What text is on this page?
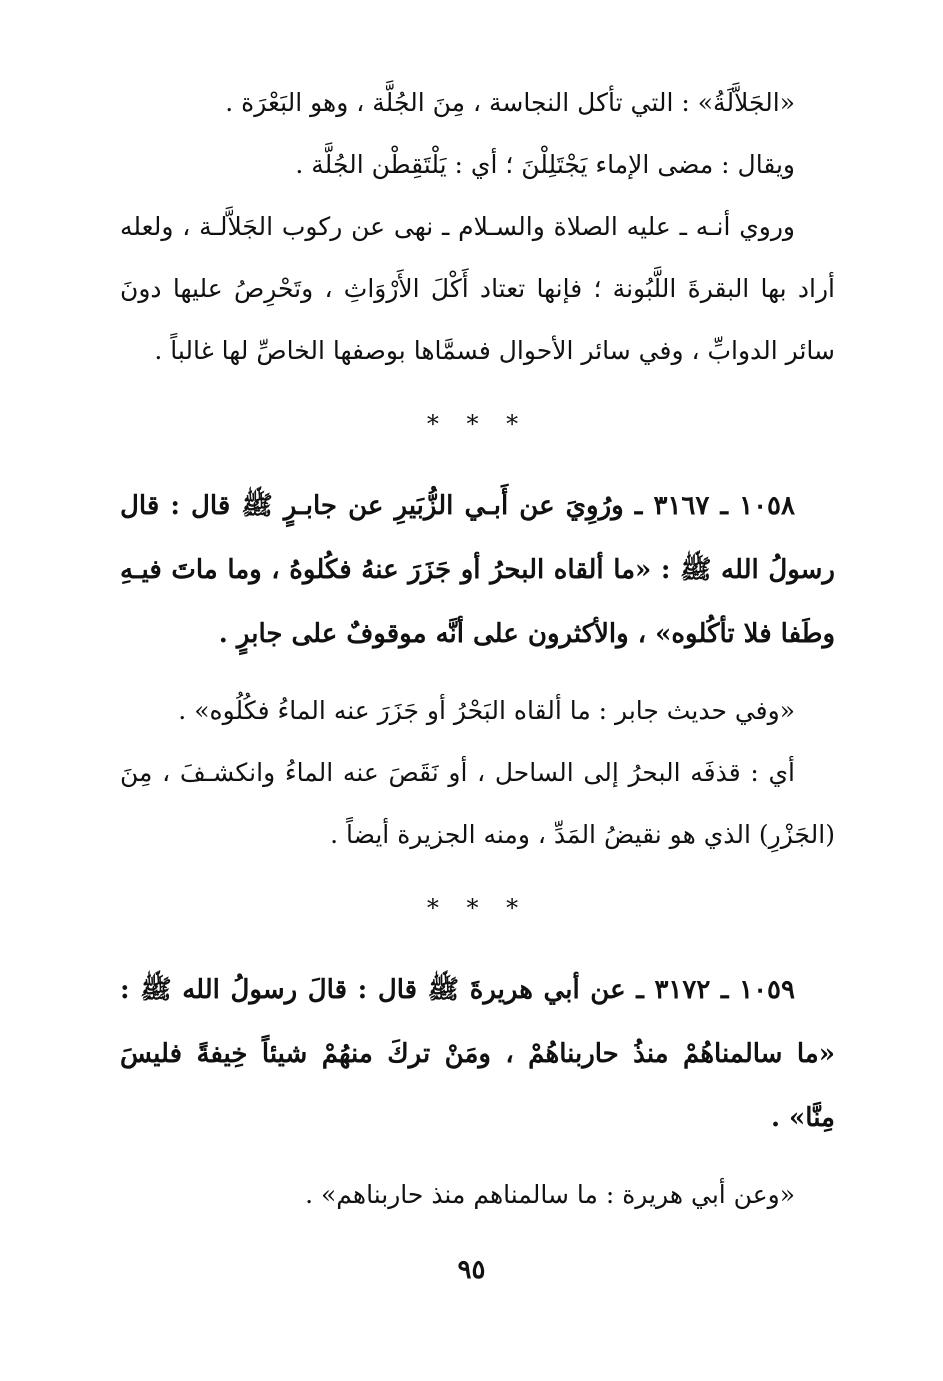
«الجَلاَّلَةُ» : التي تأكل النجاسة ، مِنَ الجُلَّة ، وهو البَعْرَة .

ويقال : مضى الإماء يَجْتَلِلْنَ ؛ أي : يَلْتَقِطْن الجُلَّة .

وروي أنـه ـ عليه الصلاة والسـلام ـ نهى عن ركوب الجَلاَّلـة ، ولعله أراد بها البقرةَ اللَّبُونة ؛ فإنها تعتاد أَكْلَ الأَرْوَاثِ ، وتَحْرِصُ عليها دونَ سائر الدوابِّ ، وفي سائر الأحوال فسمَّاها بوصفها الخاصِّ لها غالباً .

* * *

١٠٥٨ ـ ٣١٦٧ ـ ورُوِيَ عن أَبـي الزُّبَيرِ عن جابـرٍ ﷺ قال : قال رسولُ الله ﷺ : «ما ألقاه البحرُ أو جَزَرَ عنهُ فكُلوهُ ، وما ماتَ فيـهِ وطَفا فلا تأكُلوه» ، والأكثرون على أنَّه موقوفٌ على جابرٍ .

«وفي حديث جابر : ما ألقاه البَحْرُ أو جَزَرَ عنه الماءُ فكُلُوه» .

أي : قذفَه البحرُ إلى الساحل ، أو نَقَصَ عنه الماءُ وانكشـفَ ، مِنَ (الجَزْرِ) الذي هو نقيضُ المَدِّ ، ومنه الجزيرة أيضاً .

* * *

١٠٥٩ ـ ٣١٧٢ ـ عن أبي هريرةَ ﷺ قال : قالَ رسولُ الله ﷺ : «ما سالمناهُمْ منذُ حاربناهُمْ ، ومَنْ تركَ منهُمْ شيئاً خِيفةً فليسَ مِنَّا» .

«وعن أبي هريرة : ما سالمناهم منذ حاربناهم» .

٩٥
